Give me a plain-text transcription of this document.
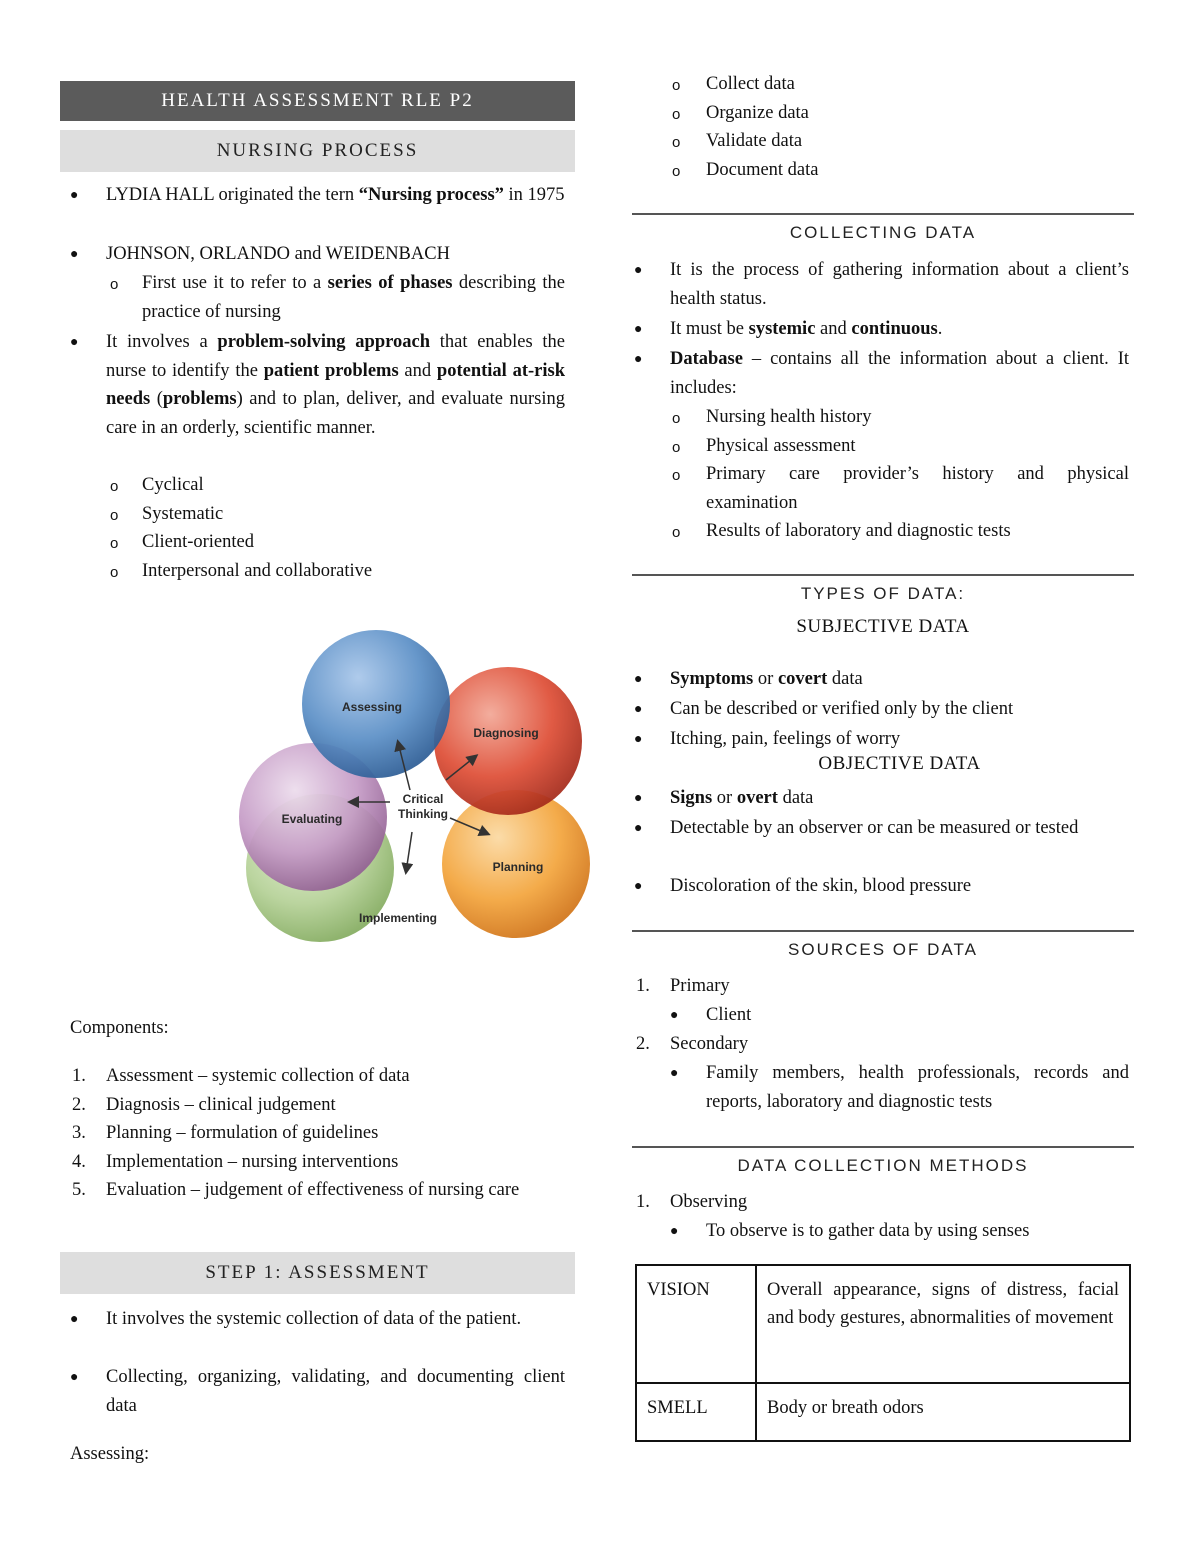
HEALTH ASSESSMENT RLE P2
NURSING PROCESS
● LYDIA HALL originated the tern “Nursing process” in 1975
● JOHNSON, ORLANDO and WEIDENBACH
o First use it to refer to a series of phases describing the practice of nursing
● It involves a problem-solving approach that enables the nurse to identify the patient problems and potential at-risk needs (problems) and to plan, deliver, and evaluate nursing care in an orderly, scientific manner.
o Cyclical
o Systematic
o Client-oriented
o Interpersonal and collaborative
Assessing
Diagnosing
Evaluating
Planning
Implementing
Critical
Thinking
Components:
1. Assessment – systemic collection of data
2. Diagnosis – clinical judgement
3. Planning – formulation of guidelines
4. Implementation – nursing interventions
5. Evaluation – judgement of effectiveness of nursing care
STEP 1: ASSESSMENT
● It involves the systemic collection of data of the patient.
● Collecting, organizing, validating, and documenting client data
Assessing:
o Collect data
o Organize data
o Validate data
o Document data
COLLECTING DATA
● It is the process of gathering information about a client’s health status.
● It must be systemic and continuous.
● Database – contains all the information about a client. It includes:
o Nursing health history
o Physical assessment
o Primary care provider’s history and physical examination
o Results of laboratory and diagnostic tests
TYPES OF DATA:
SUBJECTIVE DATA
● Symptoms or covert data
● Can be described or verified only by the client
● Itching, pain, feelings of worry
OBJECTIVE DATA
● Signs or overt data
● Detectable by an observer or can be measured or tested
● Discoloration of the skin, blood pressure
SOURCES OF DATA
1. Primary
● Client
2. Secondary
● Family members, health professionals, records and reports, laboratory and diagnostic tests
DATA COLLECTION METHODS
1. Observing
● To observe is to gather data by using senses
VISION	Overall appearance, signs of distress, facial and body gestures, abnormalities of movement
SMELL	Body or breath odors
